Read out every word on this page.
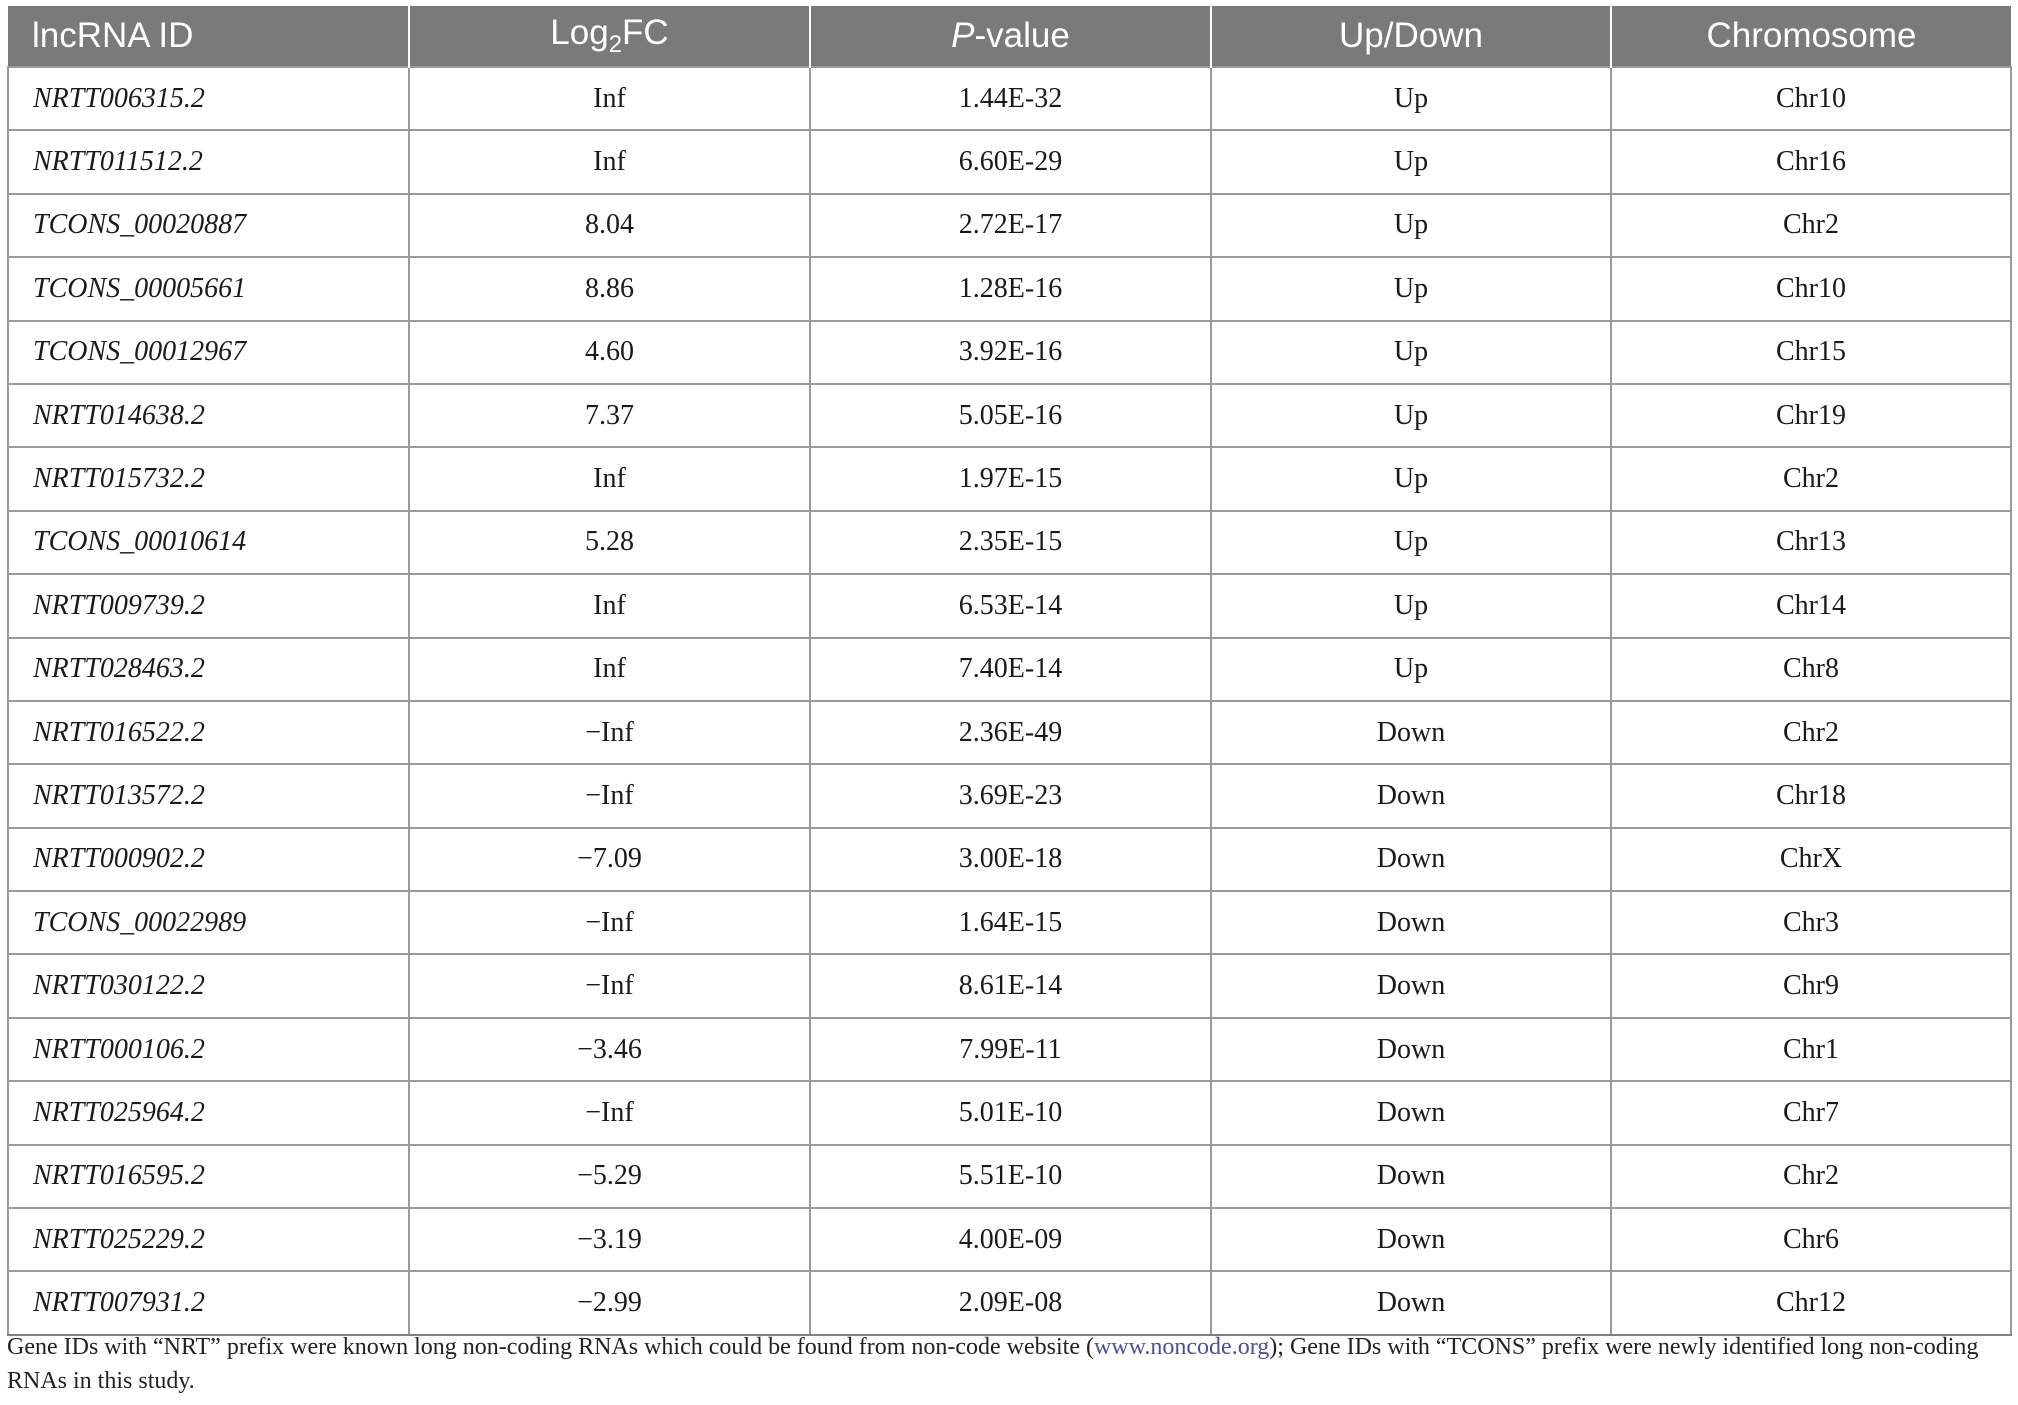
lncRNA ID	Log$_2$FC	P-value	Up/Down	Chromosome
NRTT006315.2	Inf	1.44E-32	Up	Chr10
NRTT011512.2	Inf	6.60E-29	Up	Chr16
TCONS_00020887	8.04	2.72E-17	Up	Chr2
TCONS_00005661	8.86	1.28E-16	Up	Chr10
TCONS_00012967	4.60	3.92E-16	Up	Chr15
NRTT014638.2	7.37	5.05E-16	Up	Chr19
NRTT015732.2	Inf	1.97E-15	Up	Chr2
TCONS_00010614	5.28	2.35E-15	Up	Chr13
NRTT009739.2	Inf	6.53E-14	Up	Chr14
NRTT028463.2	Inf	7.40E-14	Up	Chr8
NRTT016522.2	−Inf	2.36E-49	Down	Chr2
NRTT013572.2	−Inf	3.69E-23	Down	Chr18
NRTT000902.2	−7.09	3.00E-18	Down	ChrX
TCONS_00022989	−Inf	1.64E-15	Down	Chr3
NRTT030122.2	−Inf	8.61E-14	Down	Chr9
NRTT000106.2	−3.46	7.99E-11	Down	Chr1
NRTT025964.2	−Inf	5.01E-10	Down	Chr7
NRTT016595.2	−5.29	5.51E-10	Down	Chr2
NRTT025229.2	−3.19	4.00E-09	Down	Chr6
NRTT007931.2	−2.99	2.09E-08	Down	Chr12
Gene IDs with “NRT” prefix were known long non-coding RNAs which could be found from non-code website (www.noncode.org); Gene IDs with “TCONS” prefix were newly identified long non-coding RNAs in this study.
